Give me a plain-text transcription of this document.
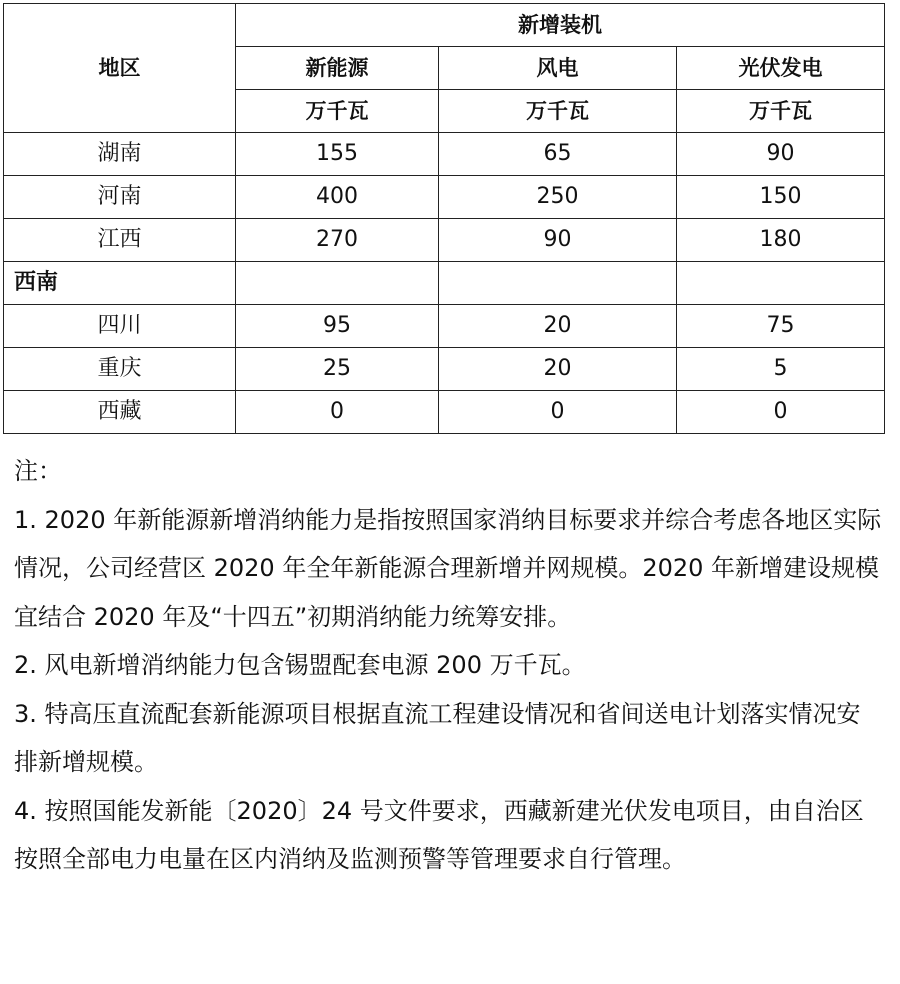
地区	新增装机		
	新能源	风电	光伏发电
	万千瓦	万千瓦	万千瓦
湖南	155	65	90
河南	400	250	150
江西	270	90	180
西南			
四川	95	20	75
重庆	25	20	5
西藏	0	0	0

注：

1. 2020 年新能源新增消纳能力是指按照国家消纳目标要求并综合考虑各地区实际情况，公司经营区 2020 年全年新能源合理新增并网规模。2020 年新增建设规模宜结合 2020 年及“十四五”初期消纳能力统筹安排。

2. 风电新增消纳能力包含锡盟配套电源 200 万千瓦。

3. 特高压直流配套新能源项目根据直流工程建设情况和省间送电计划落实情况安排新增规模。

4. 按照国能发新能〔2020〕24 号文件要求，西藏新建光伏发电项目，由自治区按照全部电力电量在区内消纳及监测预警等管理要求自行管理。
